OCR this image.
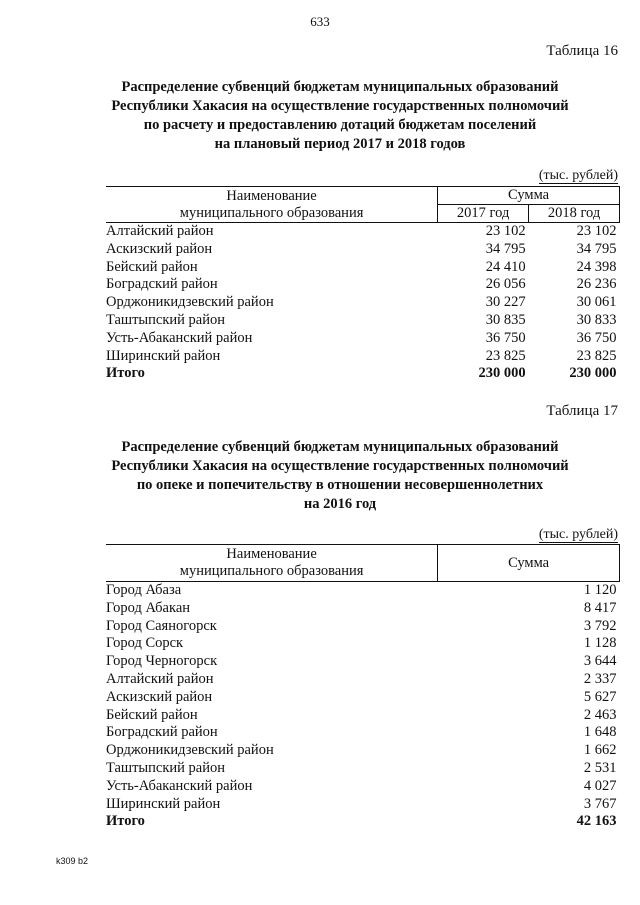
633
Таблица 16
Распределение субвенций бюджетам муниципальных образований
Республики Хакасия на осуществление государственных полномочий
по расчету и предоставлению дотаций бюджетам поселений
на плановый период 2017 и 2018 годов
(тыс. рублей)
Наименование
муниципального образования	Сумма	
	2017 год	2018 год
Алтайский район	23 102	23 102
Аскизский район	34 795	34 795
Бейский район	24 410	24 398
Боградский район	26 056	26 236
Орджоникидзевский район	30 227	30 061
Таштыпский район	30 835	30 833
Усть-Абаканский район	36 750	36 750
Ширинский район	23 825	23 825
Итого	230 000	230 000
Таблица 17
Распределение субвенций бюджетам муниципальных образований
Республики Хакасия на осуществление государственных полномочий
по опеке и попечительству в отношении несовершеннолетних
на 2016 год
(тыс. рублей)
Наименование
муниципального образования	Сумма
Город Абаза	1 120
Город Абакан	8 417
Город Саяногорск	3 792
Город Сорск	1 128
Город Черногорск	3 644
Алтайский район	2 337
Аскизский район	5 627
Бейский район	2 463
Боградский район	1 648
Орджоникидзевский район	1 662
Таштыпский район	2 531
Усть-Абаканский район	4 027
Ширинский район	3 767
Итого	42 163
k309 b2
